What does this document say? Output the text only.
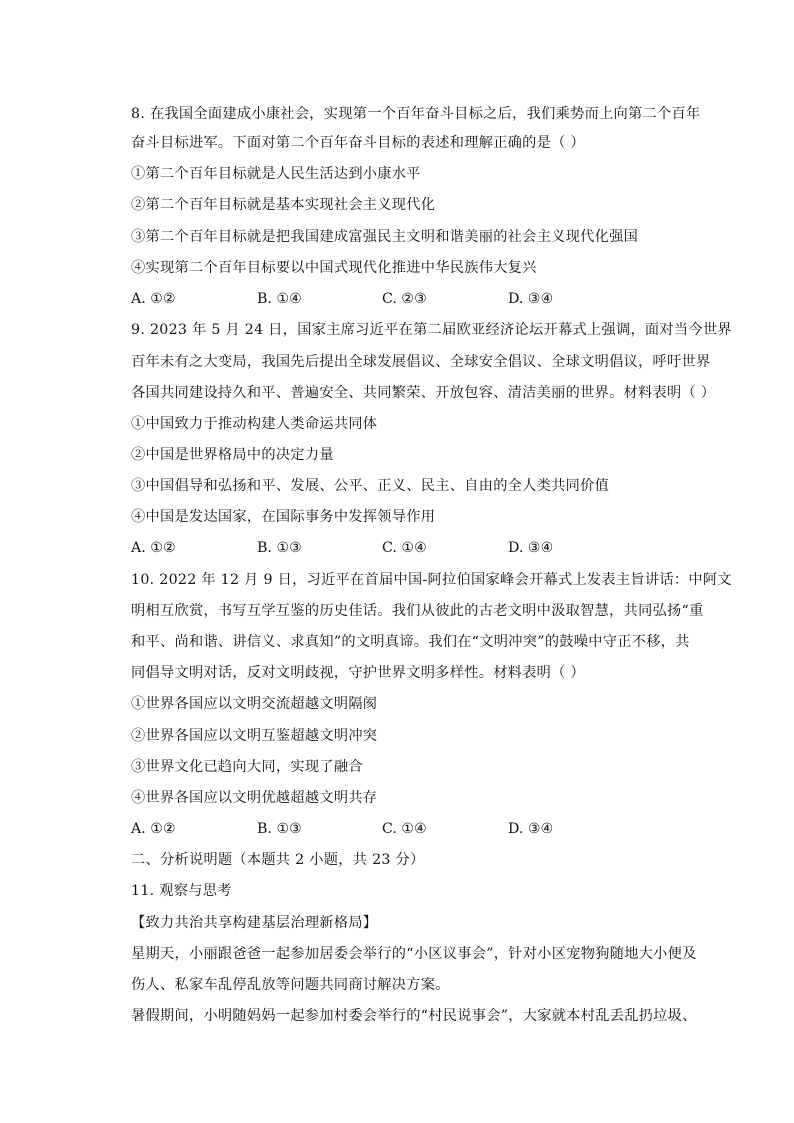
8. 在我国全面建成小康社会，实现第一个百年奋斗目标之后，我们乘势而上向第二个百年
奋斗目标进军。下面对第二个百年奋斗目标的表述和理解正确的是（ ）
①第二个百年目标就是人民生活达到小康水平
②第二个百年目标就是基本实现社会主义现代化
③第二个百年目标就是把我国建成富强民主文明和谐美丽的社会主义现代化强国
④实现第二个百年目标要以中国式现代化推进中华民族伟大复兴
A. ①②	B. ①④	C. ②③	D. ③④
9. 2023 年 5 月 24 日，国家主席习近平在第二届欧亚经济论坛开幕式上强调，面对当今世界
百年未有之大变局，我国先后提出全球发展倡议、全球安全倡议、全球文明倡议，呼吁世界
各国共同建设持久和平、普遍安全、共同繁荣、开放包容、清洁美丽的世界。材料表明（ ）
①中国致力于推动构建人类命运共同体
②中国是世界格局中的决定力量
③中国倡导和弘扬和平、发展、公平、正义、民主、自由的全人类共同价值
④中国是发达国家，在国际事务中发挥领导作用
A. ①②	B. ①③	C. ①④	D. ③④
10. 2022 年 12 月 9 日，习近平在首届中国-阿拉伯国家峰会开幕式上发表主旨讲话：中阿文
明相互欣赏，书写互学互鉴的历史佳话。我们从彼此的古老文明中汲取智慧，共同弘扬“重
和平、尚和谐、讲信义、求真知”的文明真谛。我们在“文明冲突”的鼓噪中守正不移，共
同倡导文明对话，反对文明歧视，守护世界文明多样性。材料表明（ ）
①世界各国应以文明交流超越文明隔阂
②世界各国应以文明互鉴超越文明冲突
③世界文化已趋向大同，实现了融合
④世界各国应以文明优越超越文明共存
A. ①②	B. ①③	C. ①④	D. ③④
二、分析说明题（本题共 2 小题，共 23 分）
11. 观察与思考
【致力共治共享构建基层治理新格局】
星期天，小丽跟爸爸一起参加居委会举行的“小区议事会”，针对小区宠物狗随地大小便及
伤人、私家车乱停乱放等问题共同商讨解决方案。
暑假期间，小明随妈妈一起参加村委会举行的“村民说事会”，大家就本村乱丢乱扔垃圾、
